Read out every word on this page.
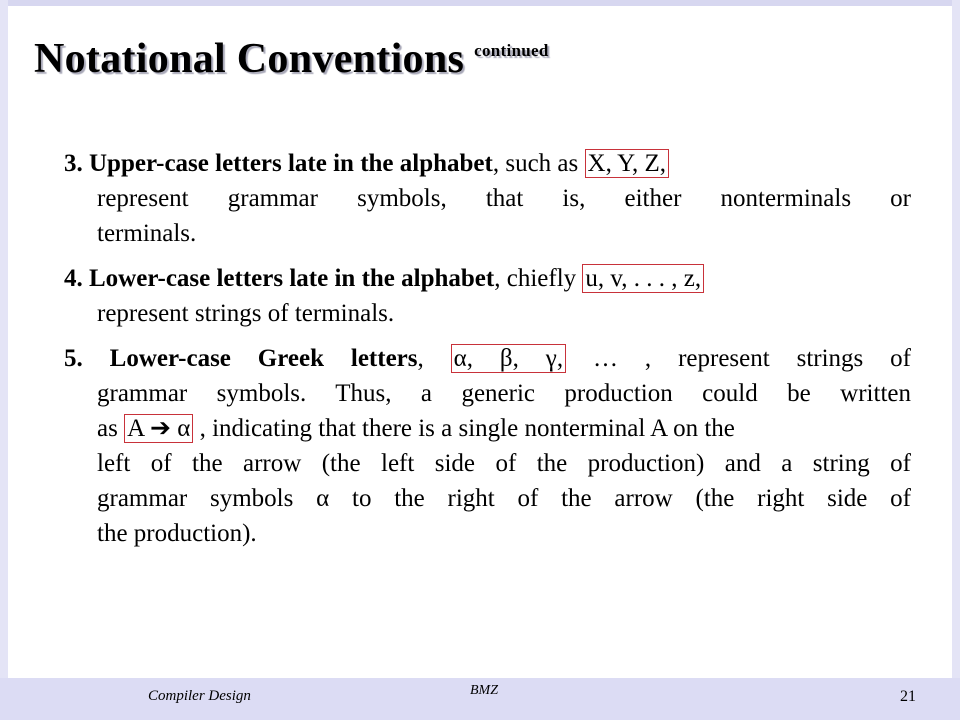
Notational Conventions $^{continued}$

3. Upper-case letters late in the alphabet, such as X, Y, Z,

represent grammar symbols, that is, either nonterminals or

terminals.

4. Lower-case letters late in the alphabet, chiefly u, v, . . . , z,

represent strings of terminals.

5. Lower-case Greek letters, α, β, γ, … , represent strings of

grammar symbols. Thus, a generic production could be written

as A ➔ α , indicating that there is a single nonterminal A on the

left of the arrow (the left side of the production) and a string of

grammar symbols α to the right of the arrow (the right side of

the production).

Compiler Design	BMZ	21
